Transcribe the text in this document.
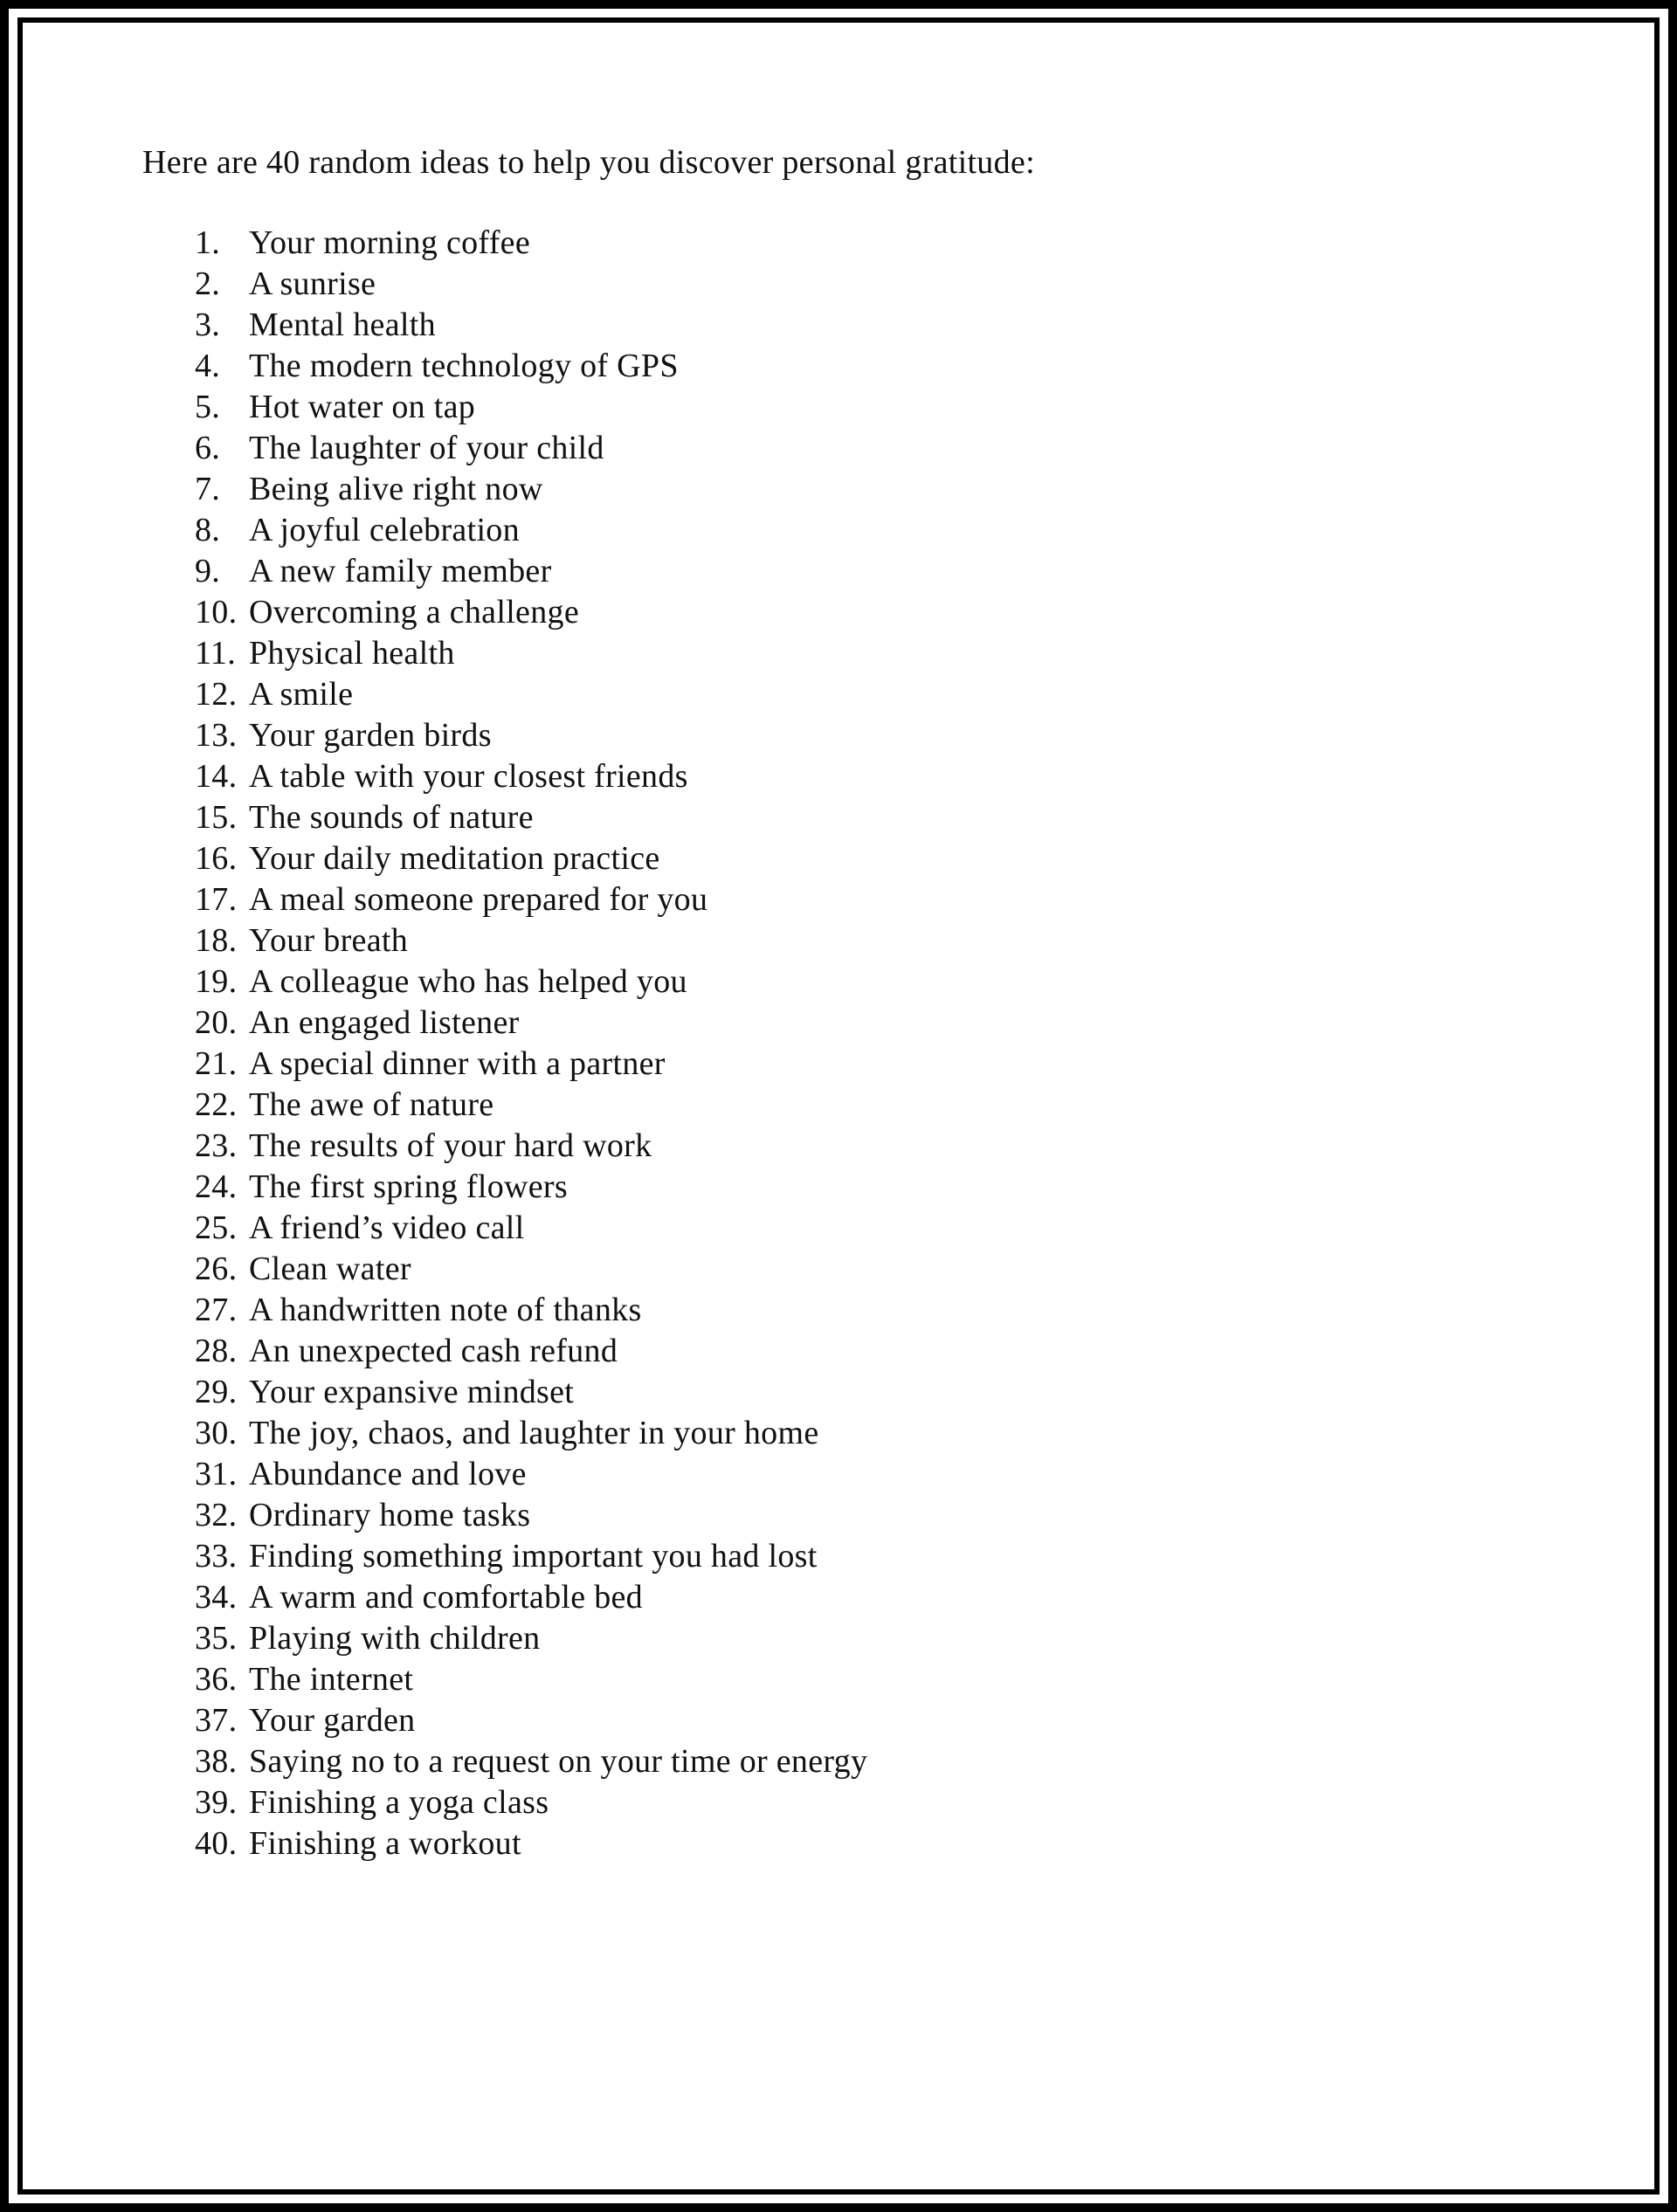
Here are 40 random ideas to help you discover personal gratitude:

1. Your morning coffee
2. A sunrise
3. Mental health
4. The modern technology of GPS
5. Hot water on tap
6. The laughter of your child
7. Being alive right now
8. A joyful celebration
9. A new family member
10. Overcoming a challenge
11. Physical health
12. A smile
13. Your garden birds
14. A table with your closest friends
15. The sounds of nature
16. Your daily meditation practice
17. A meal someone prepared for you
18. Your breath
19. A colleague who has helped you
20. An engaged listener
21. A special dinner with a partner
22. The awe of nature
23. The results of your hard work
24. The first spring flowers
25. A friend’s video call
26. Clean water
27. A handwritten note of thanks
28. An unexpected cash refund
29. Your expansive mindset
30. The joy, chaos, and laughter in your home
31. Abundance and love
32. Ordinary home tasks
33. Finding something important you had lost
34. A warm and comfortable bed
35. Playing with children
36. The internet
37. Your garden
38. Saying no to a request on your time or energy
39. Finishing a yoga class
40. Finishing a workout
